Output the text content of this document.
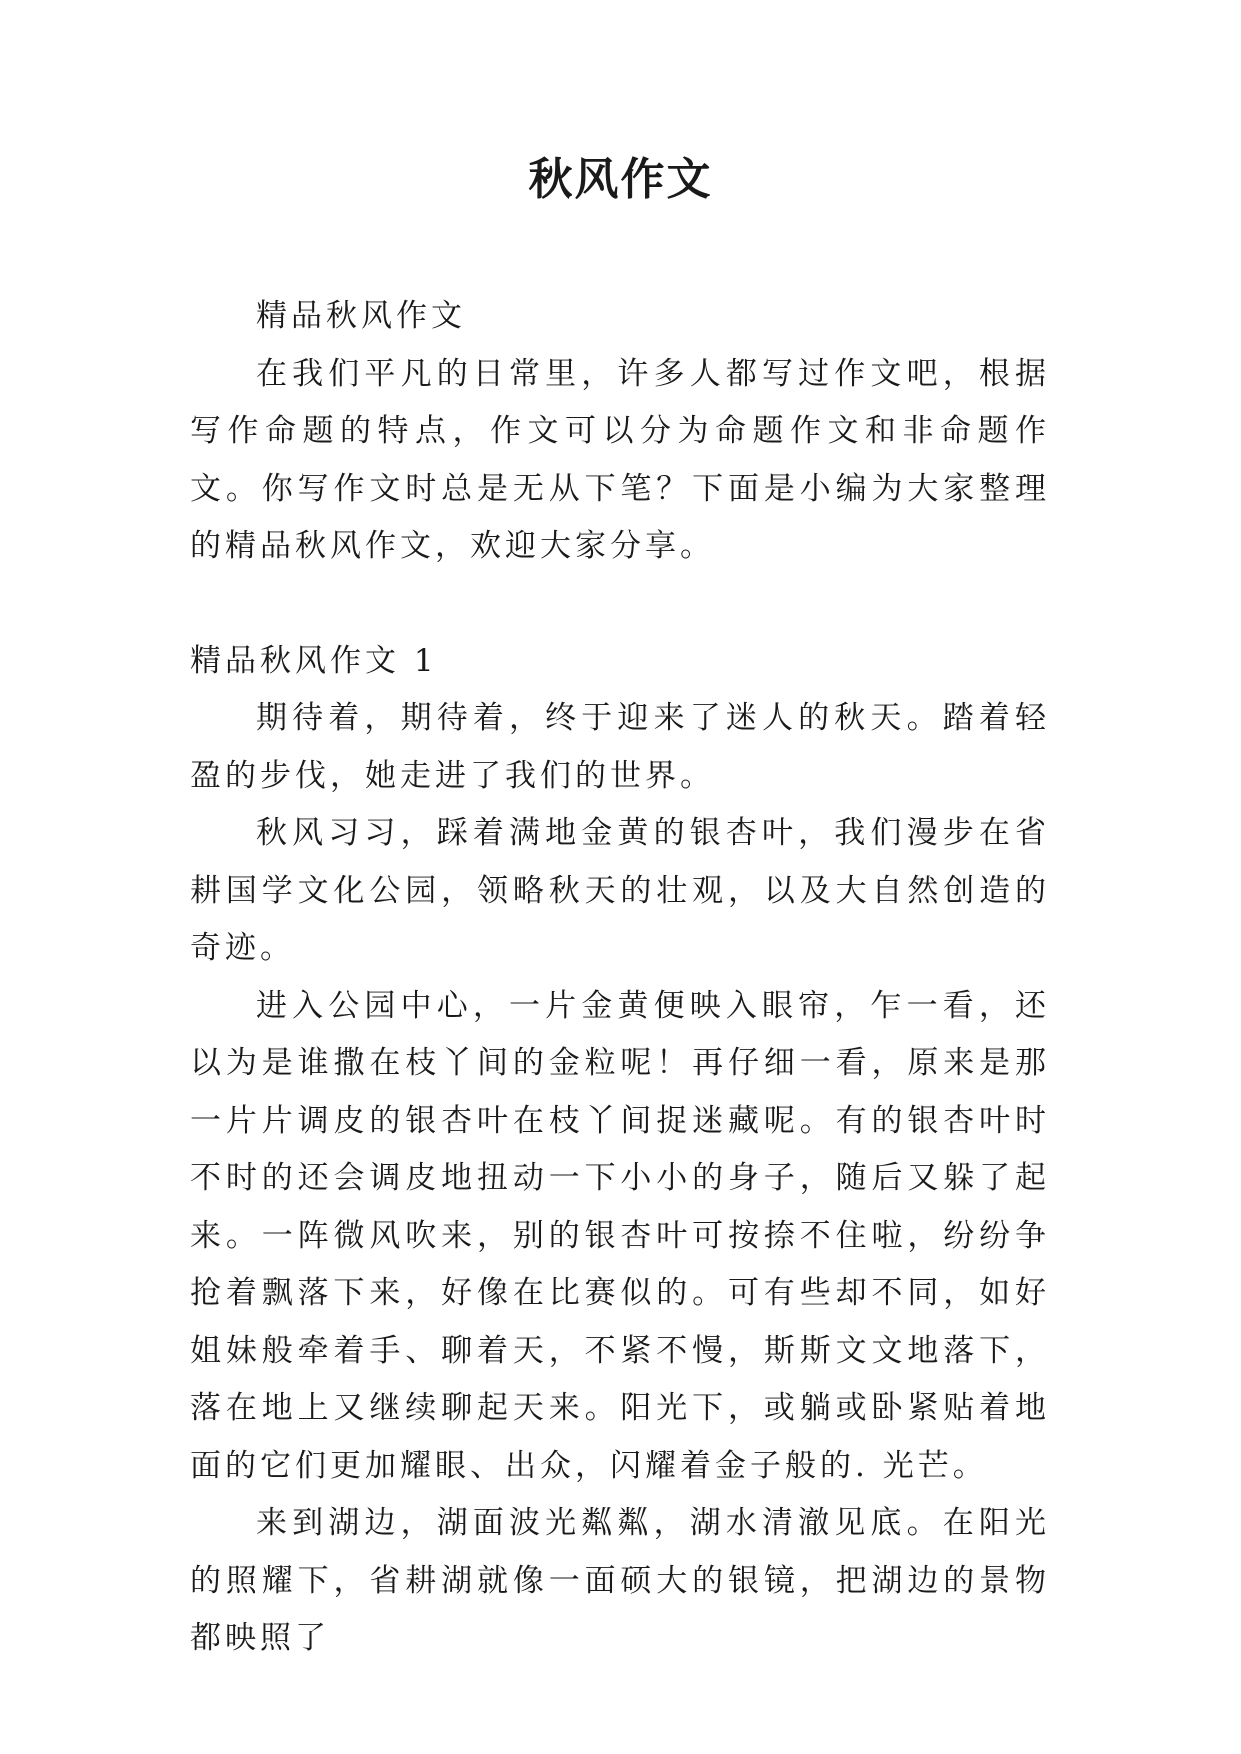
秋风作文

精品秋风作文

在我们平凡的日常里，许多人都写过作文吧，根据写作命题的特点，作文可以分为命题作文和非命题作文。你写作文时总是无从下笔？下面是小编为大家整理的精品秋风作文，欢迎大家分享。

精品秋风作文 1

期待着，期待着，终于迎来了迷人的秋天。踏着轻盈的步伐，她走进了我们的世界。

秋风习习，踩着满地金黄的银杏叶，我们漫步在省耕国学文化公园，领略秋天的壮观，以及大自然创造的奇迹。

进入公园中心，一片金黄便映入眼帘，乍一看，还以为是谁撒在枝丫间的金粒呢！再仔细一看，原来是那一片片调皮的银杏叶在枝丫间捉迷藏呢。有的银杏叶时不时的还会调皮地扭动一下小小的身子，随后又躲了起来。一阵微风吹来，别的银杏叶可按捺不住啦，纷纷争抢着飘落下来，好像在比赛似的。可有些却不同，如好姐妹般牵着手、聊着天，不紧不慢，斯斯文文地落下，落在地上又继续聊起天来。阳光下，或躺或卧紧贴着地面的它们更加耀眼、出众，闪耀着金子般的. 光芒。

来到湖边，湖面波光粼粼，湖水清澈见底。在阳光的照耀下，省耕湖就像一面硕大的银镜，把湖边的景物都映照了
